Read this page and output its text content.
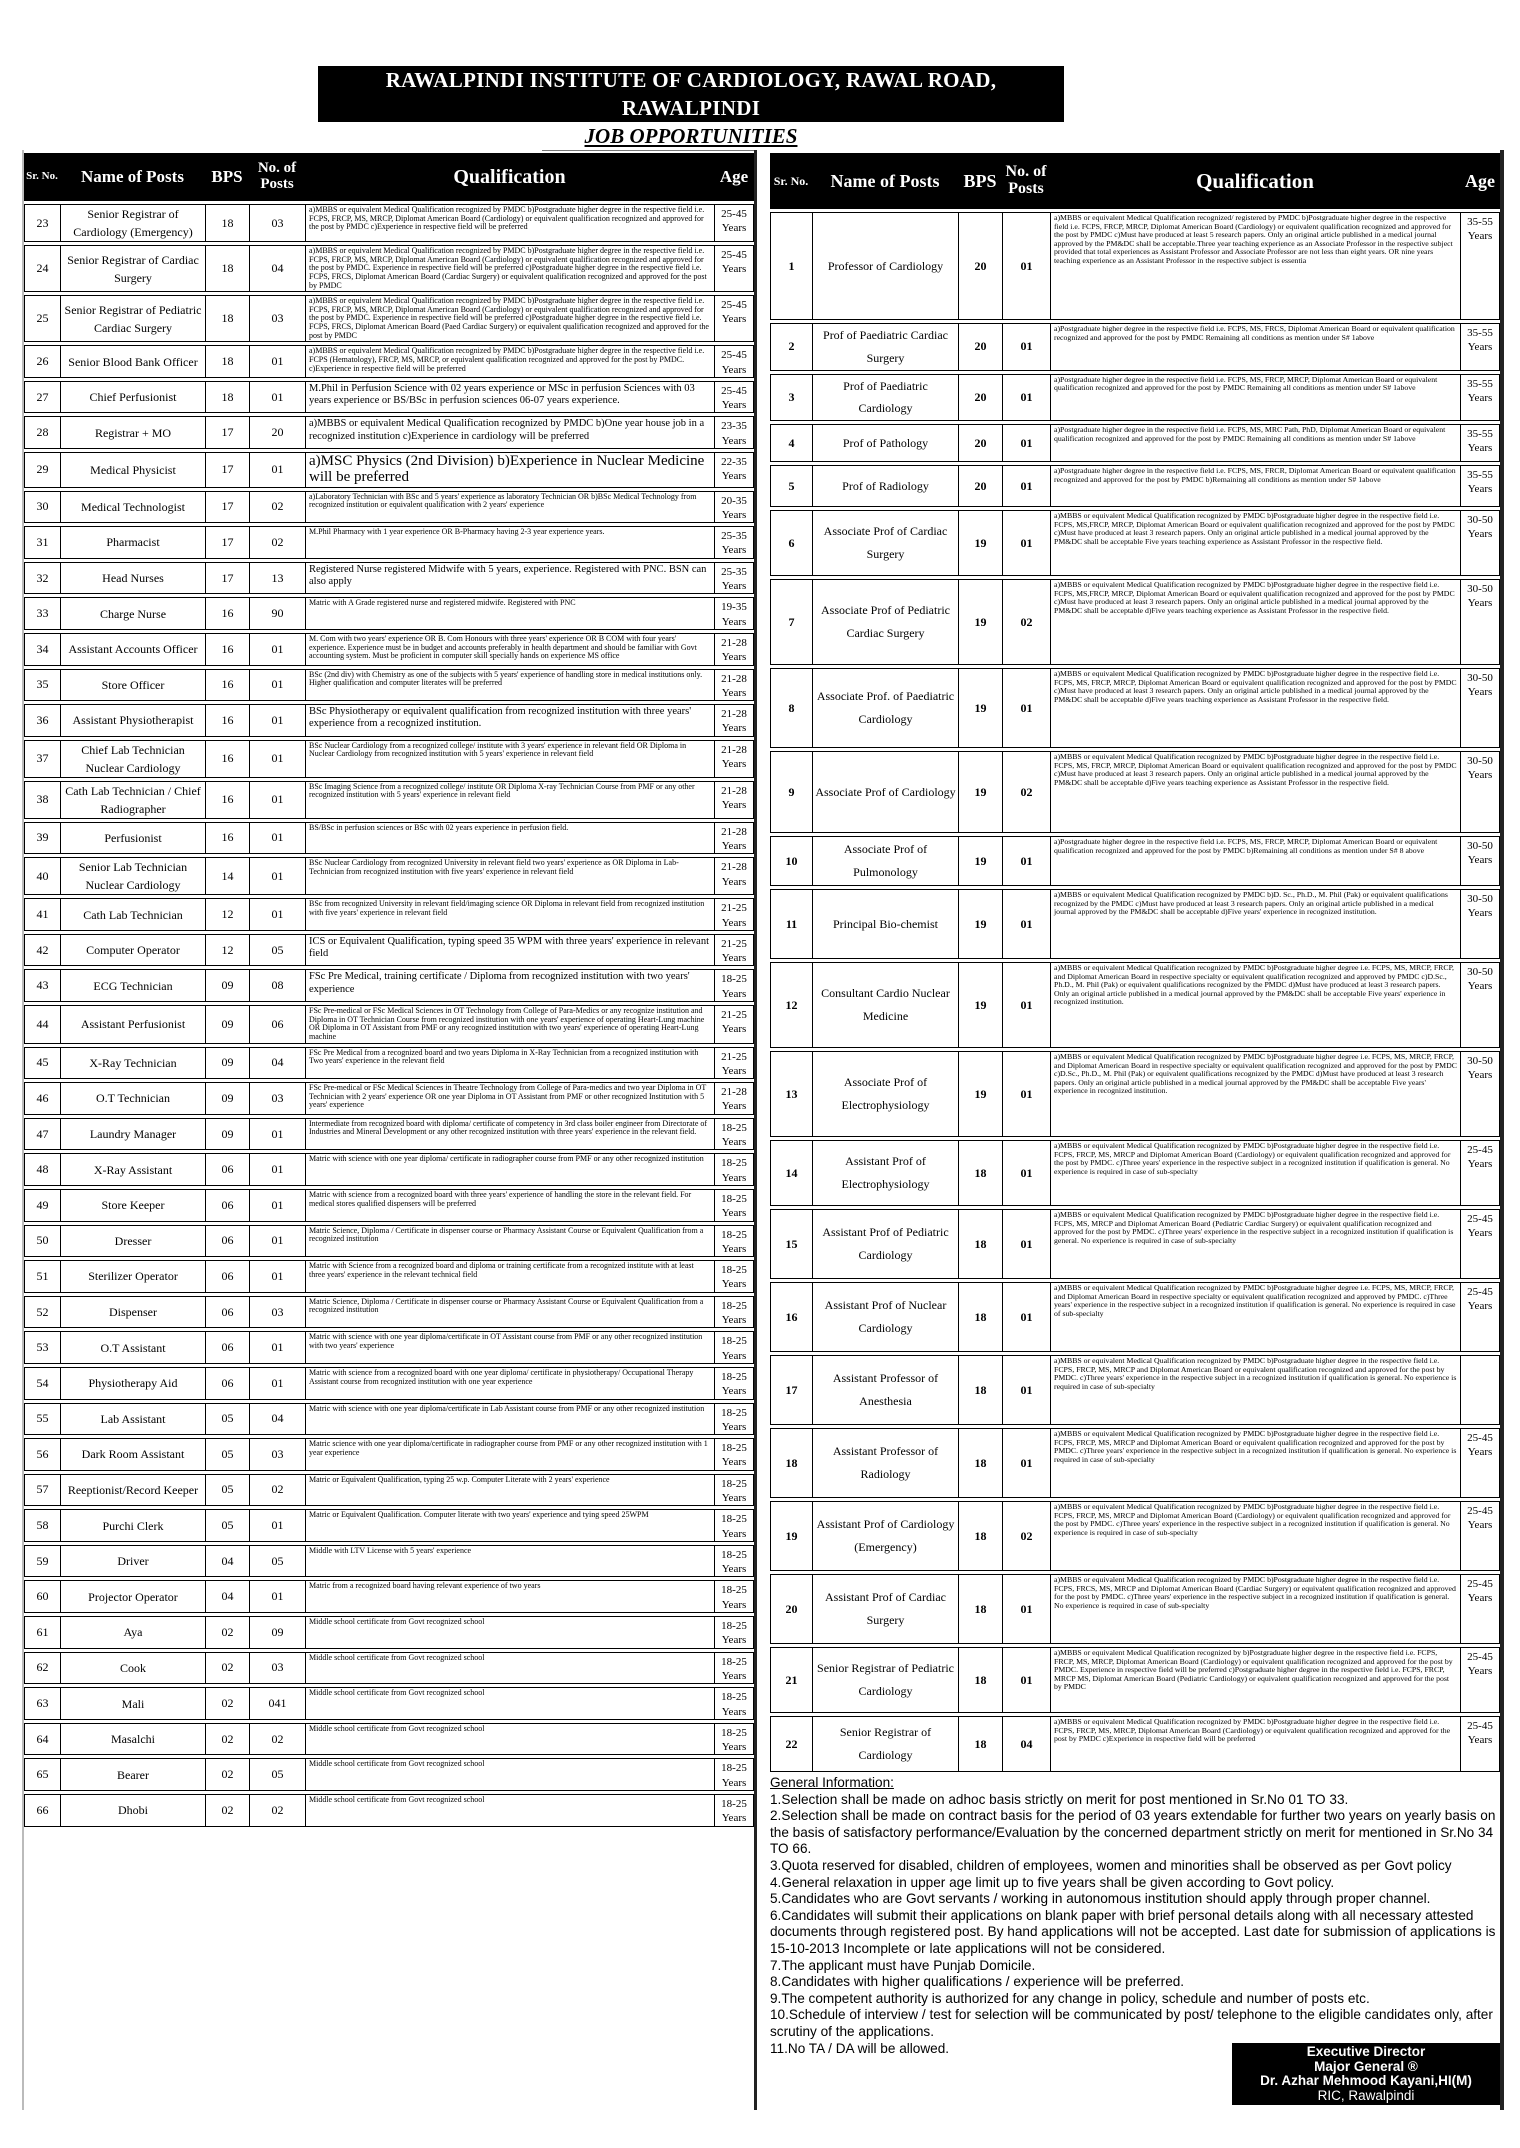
RAWALPINDI INSTITUTE OF CARDIOLOGY, RAWAL ROAD, RAWALPINDI
JOB OPPORTUNITIES
Sr. No.	Name of Posts	BPS	No. of Posts	Qualification	Age
23	Senior Registrar of Cardiology (Emergency)	18	03	a)MBBS or equivalent Medical Qualification recognized by PMDC b)Postgraduate higher degree in the respective field i.e. FCPS, FRCP, MS, MRCP, Diplomat American Board (Cardiology) or equivalent qualification recognized and approved for the post by PMDC c)Experience in respective field will be preferred	25-45 Years
24	Senior Registrar of Cardiac Surgery	18	04	a)MBBS or equivalent Medical Qualification recognized by PMDC b)Postgraduate higher degree in the respective field i.e. FCPS, FRCP, MS, MRCP, Diplomat American Board (Cardiology) or equivalent qualification recognized and approved for the post by PMDC. Experience in respective field will be preferred c)Postgraduate higher degree in the respective field i.e. FCPS, FRCS, Diplomat American Board (Cardiac Surgery) or equivalent qualification recognized and approved for the post by PMDC	25-45 Years
25	Senior Registrar of Pediatric Cardiac Surgery	18	03	a)MBBS or equivalent Medical Qualification recognized by PMDC b)Postgraduate higher degree in the respective field i.e. FCPS, FRCP, MS, MRCP, Diplomat American Board (Cardiology) or equivalent qualification recognized and approved for the post by PMDC. Experience in respective field will be preferred c)Postgraduate higher degree in the respective field i.e. FCPS, FRCS, Diplomat American Board (Paed Cardiac Surgery) or equivalent qualification recognized and approved for the post by PMDC	25-45 Years
26	Senior Blood Bank Officer	18	01	a)MBBS or equivalent Medical Qualification recognized by PMDC b)Postgraduate higher degree in the respective field i.e. FCPS (Hematology), FRCP, MS, MRCP, or equivalent qualification recognized and approved for the post by PMDC. c)Experience in respective field will be preferred	25-45 Years
27	Chief Perfusionist	18	01	M.Phil in Perfusion Science with 02 years experience or MSc in perfusion Sciences with 03 years experience or BS/BSc in perfusion sciences 06-07 years experience.	25-45 Years
28	Registrar + MO	17	20	a)MBBS or equivalent Medical Qualification recognized by PMDC b)One year house job in a recognized institution c)Experience in cardiology will be preferred	23-35 Years
29	Medical Physicist	17	01	a)MSC Physics (2nd Division) b)Experience in Nuclear Medicine will be preferred	22-35 Years
30	Medical Technologist	17	02	a)Laboratory Technician with BSc and 5 years' experience as laboratory Technician OR b)BSc Medical Technology from recognized institution or equivalent qualification with 2 years' experience	20-35 Years
31	Pharmacist	17	02	M.Phil Pharmacy with 1 year experience OR B-Pharmacy having 2-3 year experience years.	25-35 Years
32	Head Nurses	17	13	Registered Nurse registered Midwife with 5 years, experience. Registered with PNC. BSN can also apply	25-35 Years
33	Charge Nurse	16	90	Matric with A Grade registered nurse and registered midwife. Registered with PNC	19-35 Years
34	Assistant Accounts Officer	16	01	M. Com with two years' experience OR B. Com Honours with three years' experience OR B COM with four years' experience. Experience must be in budget and accounts preferably in health department and should be familiar with Govt accounting system. Must be proficient in computer skill specially hands on experience MS office	21-28 Years
35	Store Officer	16	01	BSc (2nd div) with Chemistry as one of the subjects with 5 years' experience of handling store in medical institutions only. Higher qualification and computer literates will be preferred	21-28 Years
36	Assistant Physiotherapist	16	01	BSc Physiotherapy or equivalent qualification from recognized institution with three years' experience from a recognized institution.	21-28 Years
37	Chief Lab Technician Nuclear Cardiology	16	01	BSc Nuclear Cardiology from a recognized college/ institute with 3 years' experience in relevant field OR Diploma in Nuclear Cardiology from recognized institution with 5 years' experience in relevant field	21-28 Years
38	Cath Lab Technician / Chief Radiographer	16	01	BSc Imaging Science from a recognized college/ institute OR Diploma X-ray Technician Course from PMF or any other recognized institution with 5 years' experience in relevant field	21-28 Years
39	Perfusionist	16	01	BS/BSc in perfusion sciences or BSc with 02 years experience in perfusion field.	21-28 Years
40	Senior Lab Technician Nuclear Cardiology	14	01	BSc Nuclear Cardiology from recognized University in relevant field two years' experience as OR Diploma in Lab-Technician from recognized institution with five years' experience in relevant field	21-28 Years
41	Cath Lab Technician	12	01	BSc from recognized University in relevant field/imaging science OR Diploma in relevant field from recognized institution with five years' experience in relevant field	21-25 Years
42	Computer Operator	12	05	ICS or Equivalent Qualification, typing speed 35 WPM with three years' experience in relevant field	21-25 Years
43	ECG Technician	09	08	FSc Pre Medical, training certificate / Diploma from recognized institution with two years' experience	18-25 Years
44	Assistant Perfusionist	09	06	FSc Pre-medical or FSc Medical Sciences in OT Technology from College of Para-Medics or any recognize institution and Diploma in OT Technician Course from recognized institution with one years' experience of operating Heart-Lung machine OR Diploma in OT Assistant from PMF or any recognized institution with two years' experience of operating Heart-Lung machine	21-25 Years
45	X-Ray Technician	09	04	FSc Pre Medical from a recognized board and two years Diploma in X-Ray Technician from a recognized institution with Two years' experience in the relevant field	21-25 Years
46	O.T Technician	09	03	FSc Pre-medical or FSc Medical Sciences in Theatre Technology from College of Para-medics and two year Diploma in OT Technician with 2 years' experience OR one year Diploma in OT Assistant from PMF or other recognized Institution with 5 years' experience	21-28 Years
47	Laundry Manager	09	01	Intermediate from recognized board with diploma/ certificate of competency in 3rd class boiler engineer from Directorate of Industries and Mineral Development or any other recognized institution with three years' experience in the relevant field.	18-25 Years
48	X-Ray Assistant	06	01	Matric with science with one year diploma/ certificate in radiographer course from PMF or any other recognized institution	18-25 Years
49	Store Keeper	06	01	Matric with science from a recognized board with three years' experience of handling the store in the relevant field. For medical stores qualified dispensers will be preferred	18-25 Years
50	Dresser	06	01	Matric Science, Diploma / Certificate in dispenser course or Pharmacy Assistant Course or Equivalent Qualification from a recognized institution	18-25 Years
51	Sterilizer Operator	06	01	Matric with Science from a recognized board and diploma or training certificate from a recognized institute with at least three years' experience in the relevant technical field	18-25 Years
52	Dispenser	06	03	Matric Science, Diploma / Certificate in dispenser course or Pharmacy Assistant Course or Equivalent Qualification from a recognized institution	18-25 Years
53	O.T Assistant	06	01	Matric with science with one year diploma/certificate in OT Assistant course from PMF or any other recognized institution with two years' experience	18-25 Years
54	Physiotherapy Aid	06	01	Matric with science from a recognized board with one year diploma/ certificate in physiotherapy/ Occupational Therapy Assistant course from recognized institution with one year experience	18-25 Years
55	Lab Assistant	05	04	Matric with science with one year diploma/certificate in Lab Assistant course from PMF or any other recognized institution	18-25 Years
56	Dark Room Assistant	05	03	Matric science with one year diploma/certificate in radiographer course from PMF or any other recognized institution with 1 year experience	18-25 Years
57	Reeptionist/Record Keeper	05	02	Matric or Equivalent Qualification, typing 25 w.p. Computer Literate with 2 years' experience	18-25 Years
58	Purchi Clerk	05	01	Matric or Equivalent Qualification. Computer literate with two years' experience and tying speed 25WPM	18-25 Years
59	Driver	04	05	Middle with LTV License with 5 years' experience	18-25 Years
60	Projector Operator	04	01	Matric from a recognized board having relevant experience of two years	18-25 Years
61	Aya	02	09	Middle school certificate from Govt recognized school	18-25 Years
62	Cook	02	03	Middle school certificate from Govt recognized school	18-25 Years
63	Mali	02	041	Middle school certificate from Govt recognized school	18-25 Years
64	Masalchi	02	02	Middle school certificate from Govt recognized school	18-25 Years
65	Bearer	02	05	Middle school certificate from Govt recognized school	18-25 Years
66	Dhobi	02	02	Middle school certificate from Govt recognized school	18-25 Years
Sr. No.	Name of Posts	BPS	No. of Posts	Qualification	Age
1	Professor of Cardiology	20	01	a)MBBS or equivalent Medical Qualification recognized/ registered by PMDC b)Postgraduate higher degree in the respective field i.e. FCPS, FRCP, MRCP, Diplomat American Board (Cardiology) or equivalent qualification recognized and approved for the post by PMDC c)Must have produced at least 5 research papers. Only an original article published in a medical journal approved by the PM&DC shall be acceptable.Three year teaching experience as an Associate Professor in the respective subject provided that total experiences as Assistant Professor and Associate Professor are not less than eight years. OR nine years teaching experience as an Assistant Professor in the respective subject is essentia	35-55 Years
2	Prof of Paediatric Cardiac Surgery	20	01	a)Postgraduate higher degree in the respective field i.e. FCPS, MS, FRCS, Diplomat American Board or equivalent qualification recognized and approved for the post by PMDC Remaining all conditions as mention under S# 1above	35-55 Years
3	Prof of Paediatric Cardiology	20	01	a)Postgraduate higher degree in the respective field i.e. FCPS, MS, FRCP, MRCP, Diplomat American Board or equivalent qualification recognized and approved for the post by PMDC Remaining all conditions as mention under S# 1above	35-55 Years
4	Prof of Pathology	20	01	a)Postgraduate higher degree in the respective field i.e. FCPS, MS, MRC Path, PhD, Diplomat American Board or equivalent qualification recognized and approved for the post by PMDC Remaining all conditions as mention under S# 1above	35-55 Years
5	Prof of Radiology	20	01	a)Postgraduate higher degree in the respective field i.e. FCPS, MS, FRCR, Diplomat American Board or equivalent qualification recognized and approved for the post by PMDC b)Remaining all conditions as mention under S# 1above	35-55 Years
6	Associate Prof of Cardiac Surgery	19	01	a)MBBS or equivalent Medical Qualification recognized by PMDC b)Postgraduate higher degree in the respective field i.e. FCPS, MS,FRCP, MRCP, Diplomat American Board or equivalent qualification recognized and approved for the post by PMDC c)Must have produced at least 3 research papers. Only an original article published in a medical journal approved by the PM&DC shall be acceptable Five years teaching experience as Assistant Professor in the respective field.	30-50 Years
7	Associate Prof of Pediatric Cardiac Surgery	19	02	a)MBBS or equivalent Medical Qualification recognized by PMDC b)Postgraduate higher degree in the respective field i.e. FCPS, MS,FRCP, MRCP, Diplomat American Board or equivalent qualification recognized and approved for the post by PMDC c)Must have produced at least 3 research papers. Only an original article published in a medical journal approved by the PM&DC shall be acceptable d)Five years teaching experience as Assistant Professor in the respective field.	30-50 Years
8	Associate Prof. of Paediatric Cardiology	19	01	a)MBBS or equivalent Medical Qualification recognized by PMDC b)Postgraduate higher degree in the respective field i.e. FCPS, MS, FRCP, MRCP, Diplomat American Board or equivalent qualification recognized and approved for the post by PMDC c)Must have produced at least 3 research papers. Only an original article published in a medical journal approved by the PM&DC shall be acceptable d)Five years teaching experience as Assistant Professor in the respective field.	30-50 Years
9	Associate Prof of Cardiology	19	02	a)MBBS or equivalent Medical Qualification recognized by PMDC b)Postgraduate higher degree in the respective field i.e. FCPS, MS, FRCP, MRCP, Diplomat American Board or equivalent qualification recognized and approved for the post by PMDC c)Must have produced at least 3 research papers. Only an original article published in a medical journal approved by the PM&DC shall be acceptable d)Five years teaching experience as Assistant Professor in the respective field.	30-50 Years
10	Associate Prof of Pulmonology	19	01	a)Postgraduate higher degree in the respective field i.e. FCPS, MS, FRCP, MRCP, Diplomat American Board or equivalent qualification recognized and approved for the post by PMDC b)Remaining all conditions as mention under S# 8 above	30-50 Years
11	Principal Bio-chemist	19	01	a)MBBS or equivalent Medical Qualification recognized by PMDC b)D. Sc., Ph.D., M. Phil (Pak) or equivalent qualifications recognized by the PMDC c)Must have produced at least 3 research papers. Only an original article published in a medical journal approved by the PM&DC shall be acceptable d)Five years' experience in recognized institution.	30-50 Years
12	Consultant Cardio Nuclear Medicine	19	01	a)MBBS or equivalent Medical Qualification recognized by PMDC b)Postgraduate higher degree i.e. FCPS, MS, MRCP, FRCP, and Diplomat American Board in respective specialty or equivalent qualification recognized and approved by PMDC c)D.Sc., Ph.D., M. Phil (Pak) or equivalent qualifications recognized by the PMDC d)Must have produced at least 3 research papers. Only an original article published in a medical journal approved by the PM&DC shall be acceptable Five years' experience in recognized institution.	30-50 Years
13	Associate Prof of Electrophysiology	19	01	a)MBBS or equivalent Medical Qualification recognized by PMDC b)Postgraduate higher degree i.e. FCPS, MS, MRCP, FRCP, and Diplomat American Board in respective specialty or equivalent qualification recognized and approved for the post by PMDC c)D.Sc., Ph.D., M. Phil (Pak) or equivalent qualifications recognized by the PMDC d)Must have produced at least 3 research papers. Only an original article published in a medical journal approved by the PM&DC shall be acceptable Five years' experience in recognized institution.	30-50 Years
14	Assistant Prof of Electrophysiology	18	01	a)MBBS or equivalent Medical Qualification recognized by PMDC b)Postgraduate higher degree in the respective field i.e. FCPS, FRCP, MS, MRCP and Diplomat American Board (Cardiology) or equivalent qualification recognized and approved for the post by PMDC. c)Three years' experience in the respective subject in a recognized institution if qualification is general. No experience is required in case of sub-specialty	25-45 Years
15	Assistant Prof of Pediatric Cardiology	18	01	a)MBBS or equivalent Medical Qualification recognized by PMDC b)Postgraduate higher degree in the respective field i.e. FCPS, MS, MRCP and Diplomat American Board (Pediatric Cardiac Surgery) or equivalent qualification recognized and approved for the post by PMDC. c)Three years' experience in the respective subject in a recognized institution if qualification is general. No experience is required in case of sub-specialty	25-45 Years
16	Assistant Prof of Nuclear Cardiology	18	01	a)MBBS or equivalent Medical Qualification recognized by PMDC b)Postgraduate higher degree i.e. FCPS, MS, MRCP, FRCP, and Diplomat American Board in respective specialty or equivalent qualification recognized and approved by PMDC. c)Three years' experience in the respective subject in a recognized institution if qualification is general. No experience is required in case of sub-specialty	25-45 Years
17	Assistant Professor of Anesthesia	18	01	a)MBBS or equivalent Medical Qualification recognized by PMDC b)Postgraduate higher degree in the respective field i.e. FCPS, FRCP, MS, MRCP and Diplomat American Board or equivalent qualification recognized and approved for the post by PMDC. c)Three years' experience in the respective subject in a recognized institution if qualification is general. No experience is required in case of sub-specialty	
18	Assistant Professor of Radiology	18	01	a)MBBS or equivalent Medical Qualification recognized by PMDC b)Postgraduate higher degree in the respective field i.e. FCPS, FRCP, MS, MRCP and Diplomat American Board or equivalent qualification recognized and approved for the post by PMDC. c)Three years' experience in the respective subject in a recognized institution if qualification is general. No experience is required in case of sub-specialty	25-45 Years
19	Assistant Prof of Cardiology (Emergency)	18	02	a)MBBS or equivalent Medical Qualification recognized by PMDC b)Postgraduate higher degree in the respective field i.e. FCPS, FRCP, MS, MRCP and Diplomat American Board (Cardiology) or equivalent qualification recognized and approved for the post by PMDC. c)Three years' experience in the respective subject in a recognized institution if qualification is general. No experience is required in case of sub-specialty	25-45 Years
20	Assistant Prof of Cardiac Surgery	18	01	a)MBBS or equivalent Medical Qualification recognized by PMDC b)Postgraduate higher degree in the respective field i.e. FCPS, FRCS, MS, MRCP and Diplomat American Board (Cardiac Surgery) or equivalent qualification recognized and approved for the post by PMDC. c)Three years' experience in the respective subject in a recognized institution if qualification is general. No experience is required in case of sub-specialty	25-45 Years
21	Senior Registrar of Pediatric Cardiology	18	01	a)MBBS or equivalent Medical Qualification recognized by b)Postgraduate higher degree in the respective field i.e. FCPS, FRCP, MS, MRCP, Diplomat American Board (Cardiology) or equivalent qualification recognized and approved for the post by PMDC. Experience in respective field will be preferred c)Postgraduate higher degree in the respective field i.e. FCPS, FRCP, MRCP MS, Diplomat American Board (Pediatric Cardiology) or equivalent qualification recognized and approved for the post by PMDC	25-45 Years
22	Senior Registrar of Cardiology	18	04	a)MBBS or equivalent Medical Qualification recognized by PMDC b)Postgraduate higher degree in the respective field i.e. FCPS, FRCP, MS, MRCP, Diplomat American Board (Cardiology) or equivalent qualification recognized and approved for the post by PMDC c)Experience in respective field will be preferred	25-45 Years

General Information:

1.Selection shall be made on adhoc basis strictly on merit for post mentioned in Sr.No 01 TO 33.

2.Selection shall be made on contract basis for the period of 03 years extendable for further two years on yearly basis on the basis of satisfactory performance/Evaluation by the concerned department strictly on merit for mentioned in Sr.No 34 TO 66.

3.Quota reserved for disabled, children of employees, women and minorities shall be observed as per Govt policy

4.General relaxation in upper age limit up to five years shall be given according to Govt policy.

5.Candidates who are Govt servants / working in autonomous institution should apply through proper channel.

6.Candidates will submit their applications on blank paper with brief personal details along with all necessary attested documents through registered post. By hand applications will not be accepted. Last date for submission of applications is 15-10-2013 Incomplete or late applications will not be considered.

7.The applicant must have Punjab Domicile.

8.Candidates with higher qualifications / experience will be preferred.

9.The competent authority is authorized for any change in policy, schedule and number of posts etc.

10.Schedule of interview / test for selection will be communicated by post/ telephone to the eligible candidates only, after scrutiny of the applications.

11.No TA / DA will be allowed.	Executive Director
Major General ®
Dr. Azhar Mehmood Kayani,HI(M)
RIC, Rawalpindi
